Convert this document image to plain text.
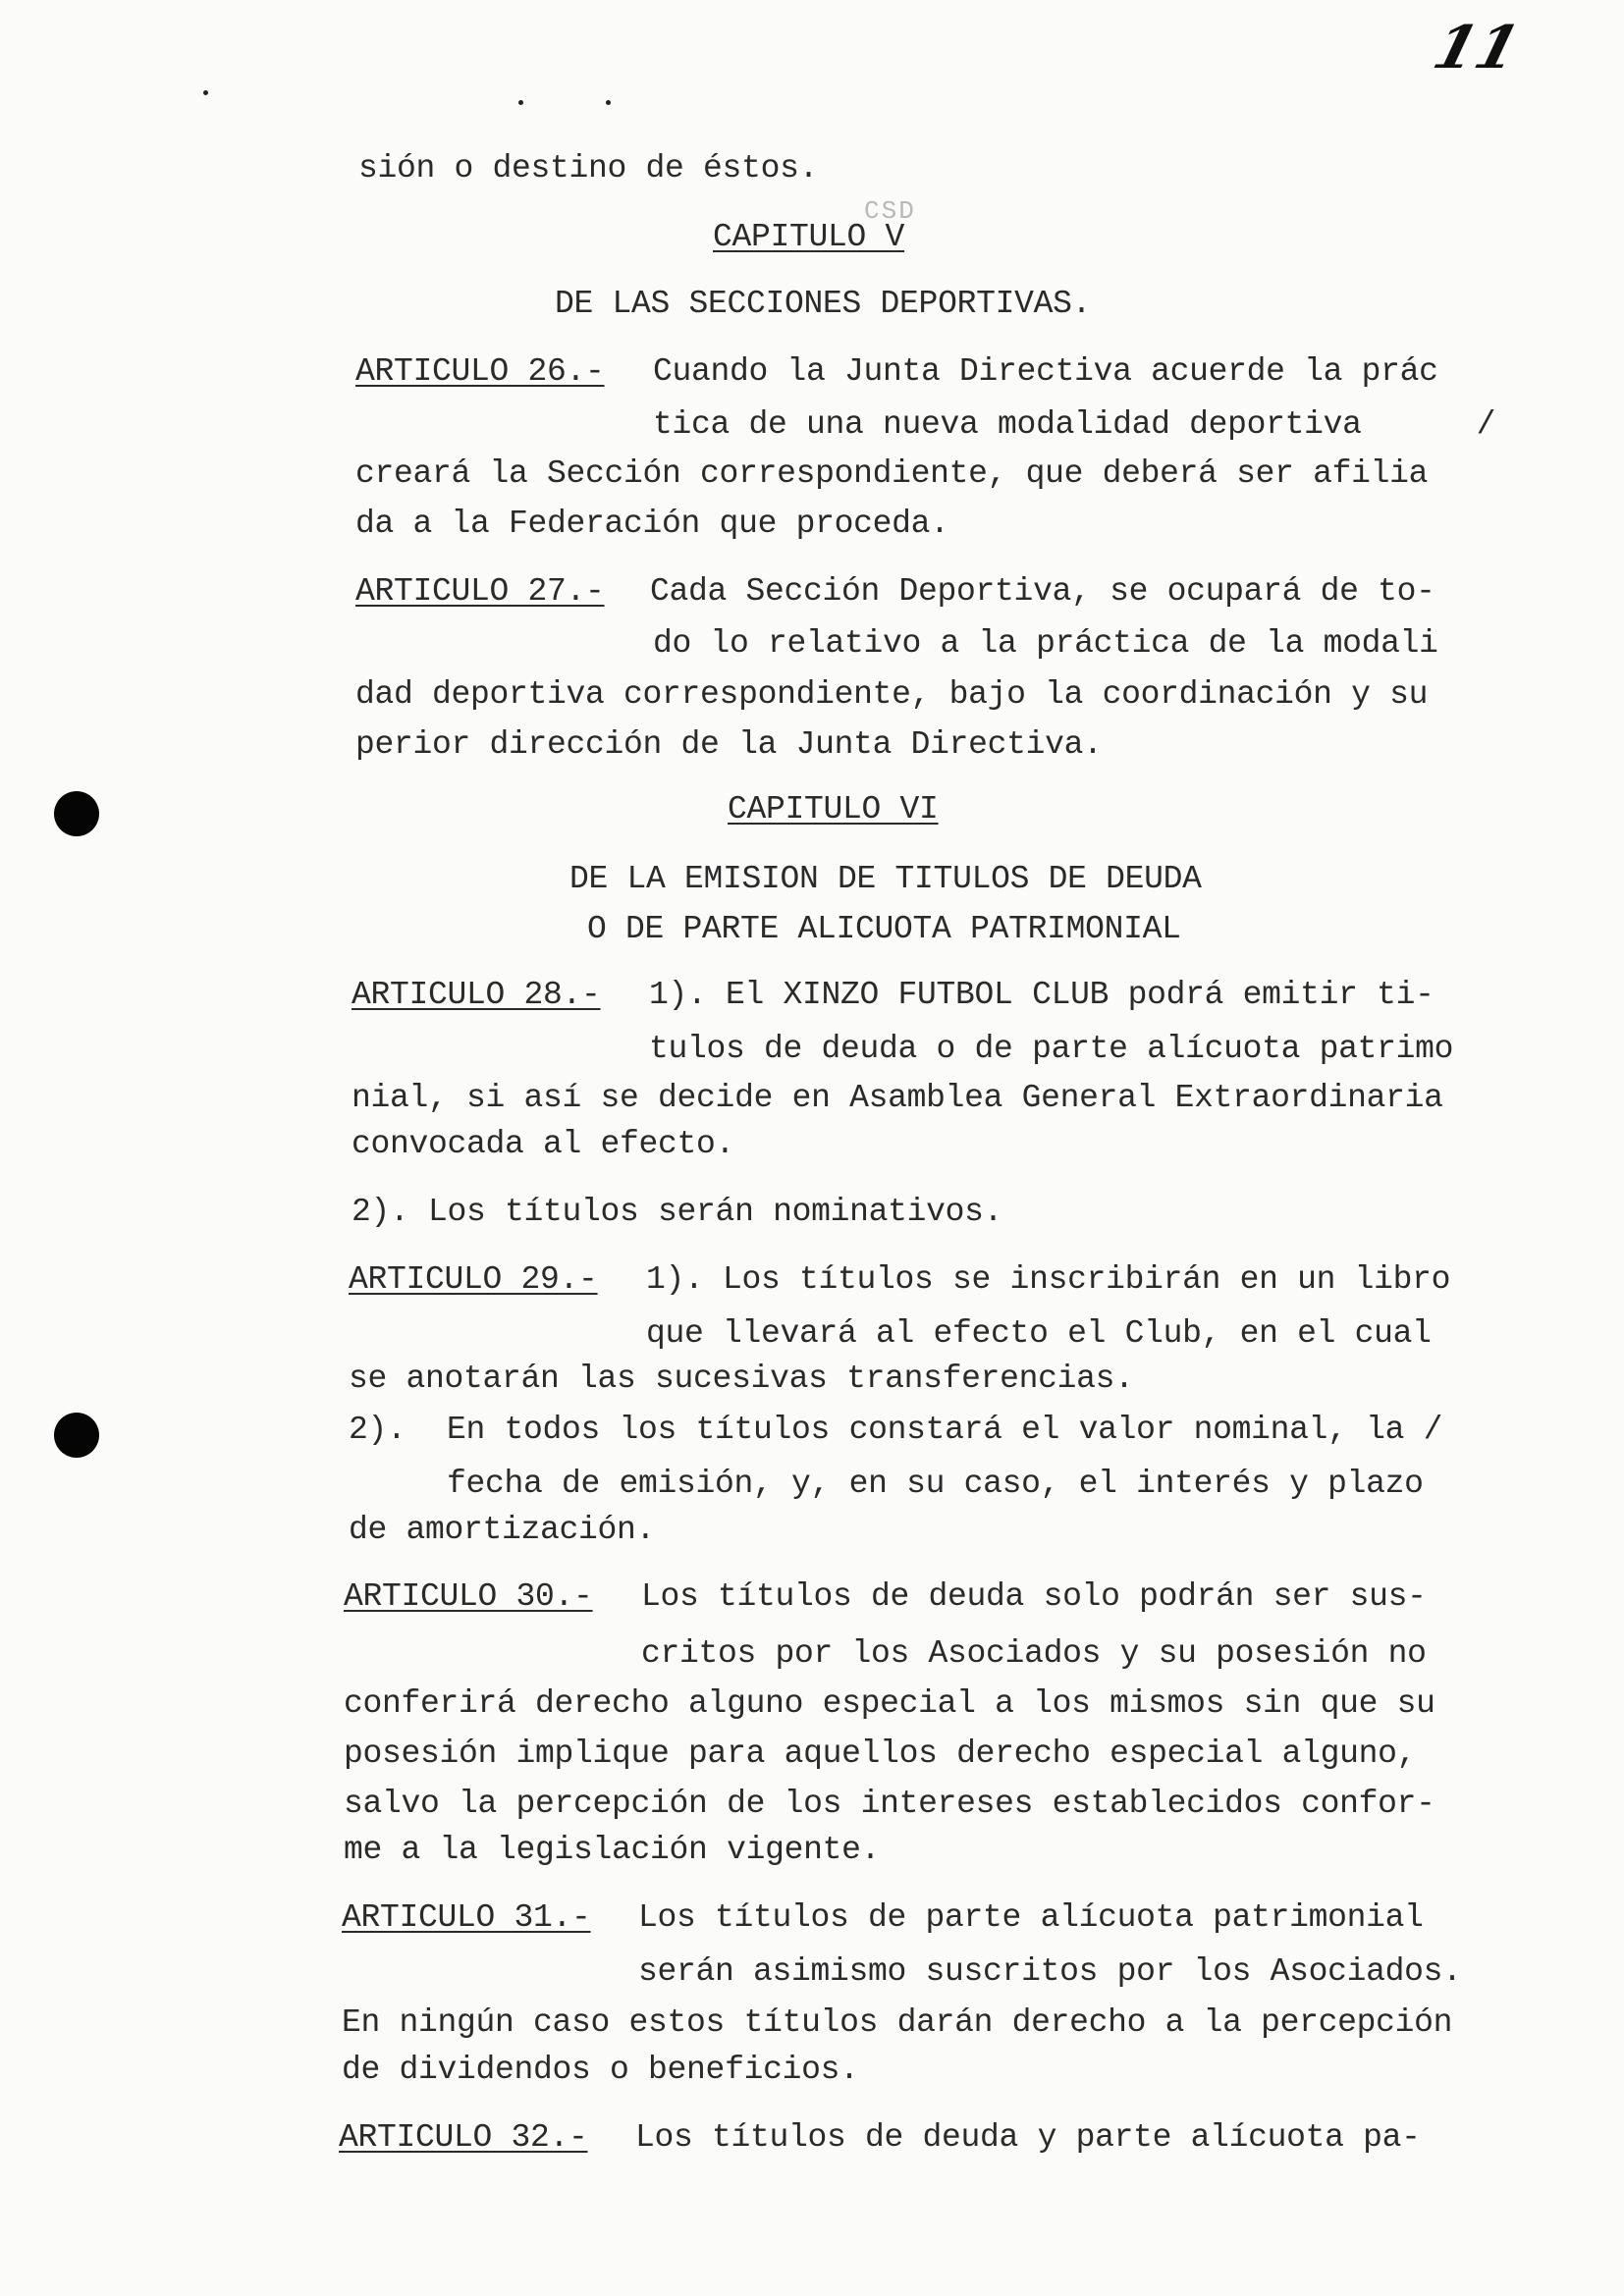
11
sión o destino de éstos.
CSD
CAPITULO V
DE LAS SECCIONES DEPORTIVAS.
ARTICULO 26.- Cuando la Junta Directiva acuerde la prác
tica de una nueva modalidad deportiva      /
creará la Sección correspondiente, que deberá ser afilia
da a la Federación que proceda.
ARTICULO 27.- Cada Sección Deportiva, se ocupará de to-
do lo relativo a la práctica de la modali
dad deportiva correspondiente, bajo la coordinación y su
perior dirección de la Junta Directiva.
CAPITULO VI
DE LA EMISION DE TITULOS DE DEUDA
O DE PARTE ALICUOTA PATRIMONIAL
ARTICULO 28.- 1). El XINZO FUTBOL CLUB podrá emitir ti-
tulos de deuda o de parte alícuota patrimo
nial, si así se decide en Asamblea General Extraordinaria
convocada al efecto.
2). Los títulos serán nominativos.
ARTICULO 29.- 1). Los títulos se inscribirán en un libro
que llevará al efecto el Club, en el cual
se anotarán las sucesivas transferencias.
2). En todos los títulos constará el valor nominal, la /
fecha de emisión, y, en su caso, el interés y plazo
de amortización.
ARTICULO 30.- Los títulos de deuda solo podrán ser sus-
critos por los Asociados y su posesión no
conferirá derecho alguno especial a los mismos sin que su
posesión implique para aquellos derecho especial alguno,
salvo la percepción de los intereses establecidos confor-
me a la legislación vigente.
ARTICULO 31.- Los títulos de parte alícuota patrimonial
serán asimismo suscritos por los Asociados.
En ningún caso estos títulos darán derecho a la percepción
de dividendos o beneficios.
ARTICULO 32.- Los títulos de deuda y parte alícuota pa-
